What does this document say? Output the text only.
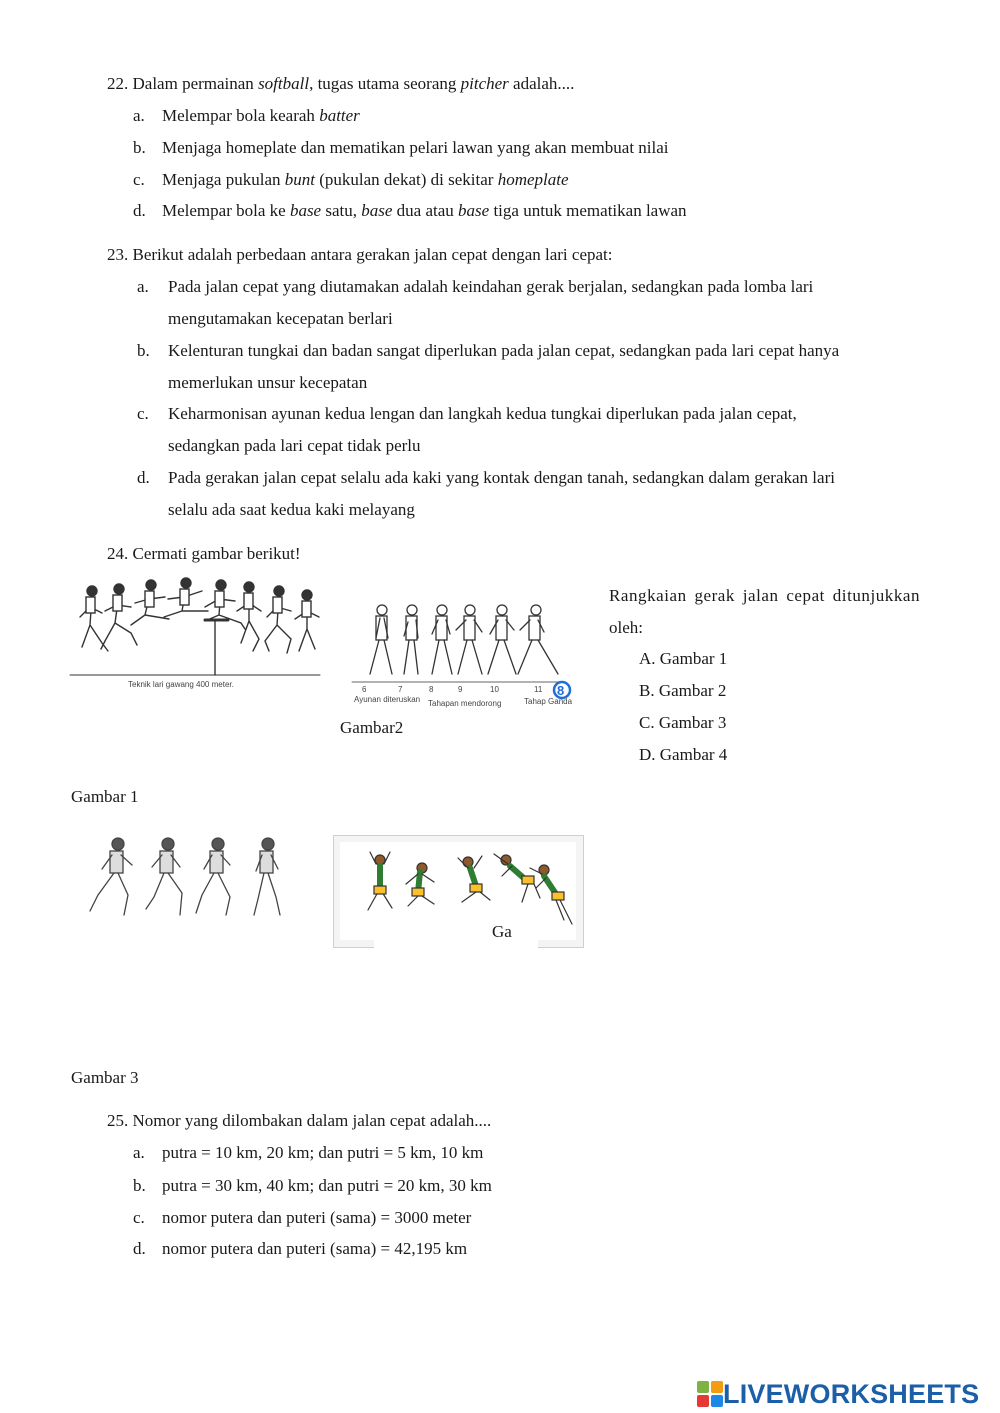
22. Dalam permainan softball, tugas utama seorang pitcher adalah....
a.	Melempar bola kearah batter
b. Menjaga homeplate dan mematikan pelari lawan yang akan membuat nilai
c.	Menjaga pukulan bunt (pukulan dekat) di sekitar homeplate
d. Melempar bola ke base satu, base dua atau base tiga untuk mematikan lawan
23. Berikut adalah perbedaan antara gerakan jalan cepat dengan lari cepat:
a.	Pada jalan cepat yang diutamakan adalah keindahan gerak berjalan, sedangkan pada lomba lari
mengutamakan kecepatan berlari
b.	Kelenturan tungkai dan badan sangat diperlukan pada jalan cepat, sedangkan pada lari cepat hanya
memerlukan unsur kecepatan
c.	Keharmonisan ayunan kedua lengan dan langkah kedua tungkai diperlukan pada jalan cepat,
sedangkan pada lari cepat tidak perlu
d.	Pada gerakan jalan cepat selalu ada kaki yang kontak dengan tanah, sedangkan dalam gerakan lari
selalu ada saat kedua kaki melayang
24. Cermati gambar berikut!
Teknik lari gawang 400 meter.
6	7	8	9	10	11
Ayunan diteruskan Tahapan mendorong	Tahap Ganda
8
Gambar2
Rangkaian gerak jalan cepat ditunjukkan
oleh:
A. Gambar 1
B. Gambar 2
C. Gambar 3
D. Gambar 4
Gambar 1
Ga
Gambar 3
25. Nomor yang dilombakan dalam jalan cepat adalah....
a.	putra = 10 km, 20 km; dan putri = 5 km, 10 km
b. putra = 30 km, 40 km; dan putri = 20 km, 30 km
c.	nomor putera dan puteri (sama) = 3000 meter
d. nomor putera dan puteri (sama) = 42,195 km
LIVEWORKSHEETS
